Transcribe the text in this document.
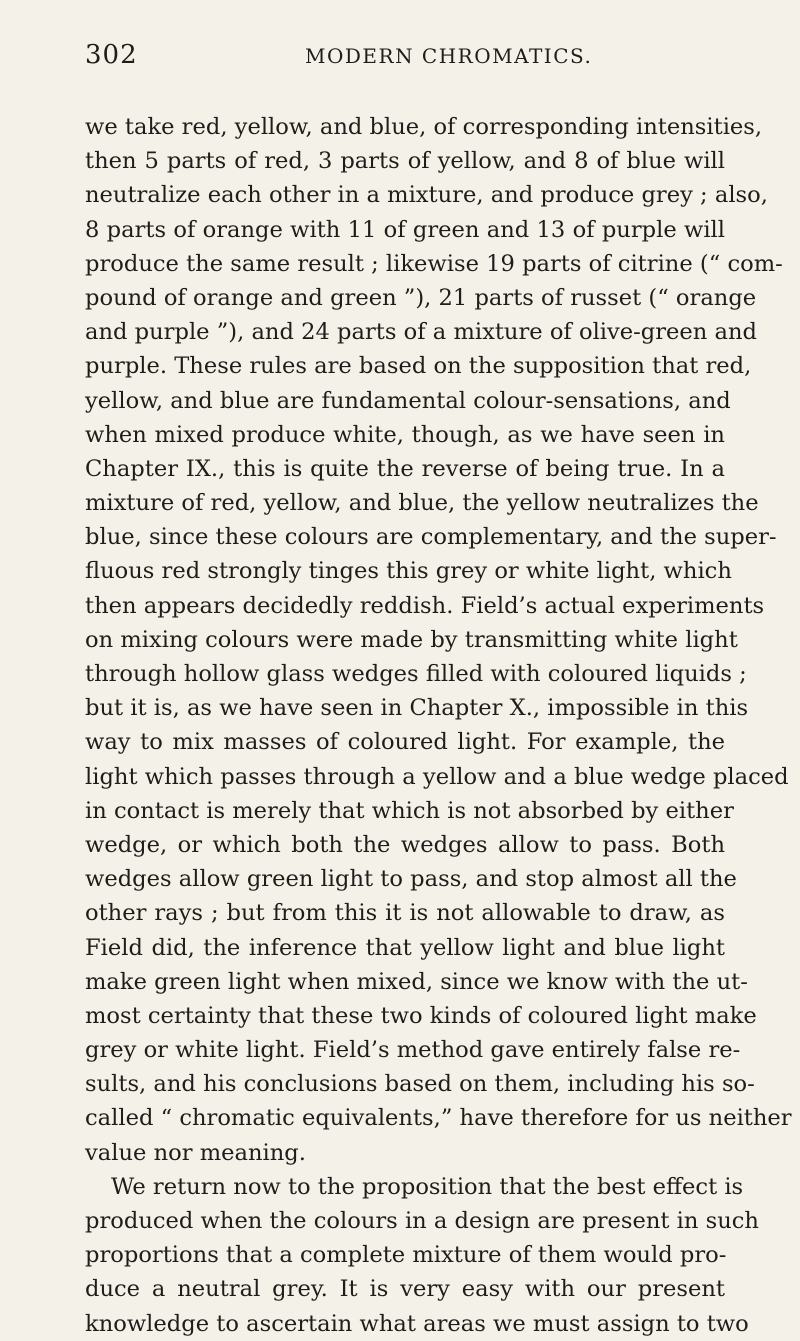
302	MODERN CHROMATICS.
we take red, yellow, and blue, of corresponding intensities,
then 5 parts of red, 3 parts of yellow, and 8 of blue will
neutralize each other in a mixture, and produce grey ; also,
8 parts of orange with 11 of green and 13 of purple will
produce the same result ; likewise 19 parts of citrine (“ com-
pound of orange and green ”), 21 parts of russet (“ orange
and purple ”), and 24 parts of a mixture of olive-green and
purple. These rules are based on the supposition that red,
yellow, and blue are fundamental colour-sensations, and
when mixed produce white, though, as we have seen in
Chapter IX., this is quite the reverse of being true. In a
mixture of red, yellow, and blue, the yellow neutralizes the
blue, since these colours are complementary, and the super-
fluous red strongly tinges this grey or white light, which
then appears decidedly reddish. Field’s actual experiments
on mixing colours were made by transmitting white light
through hollow glass wedges filled with coloured liquids ;
but it is, as we have seen in Chapter X., impossible in this
way to mix masses of coloured light. For example, the
light which passes through a yellow and a blue wedge placed
in contact is merely that which is not absorbed by either
wedge, or which both the wedges allow to pass. Both
wedges allow green light to pass, and stop almost all the
other rays ; but from this it is not allowable to draw, as
Field did, the inference that yellow light and blue light
make green light when mixed, since we know with the ut-
most certainty that these two kinds of coloured light make
grey or white light. Field’s method gave entirely false re-
sults, and his conclusions based on them, including his so-
called “ chromatic equivalents,” have therefore for us neither
value nor meaning.
We return now to the proposition that the best effect is
produced when the colours in a design are present in such
proportions that a complete mixture of them would pro-
duce a neutral grey. It is very easy with our present
knowledge to ascertain what areas we must assign to two
